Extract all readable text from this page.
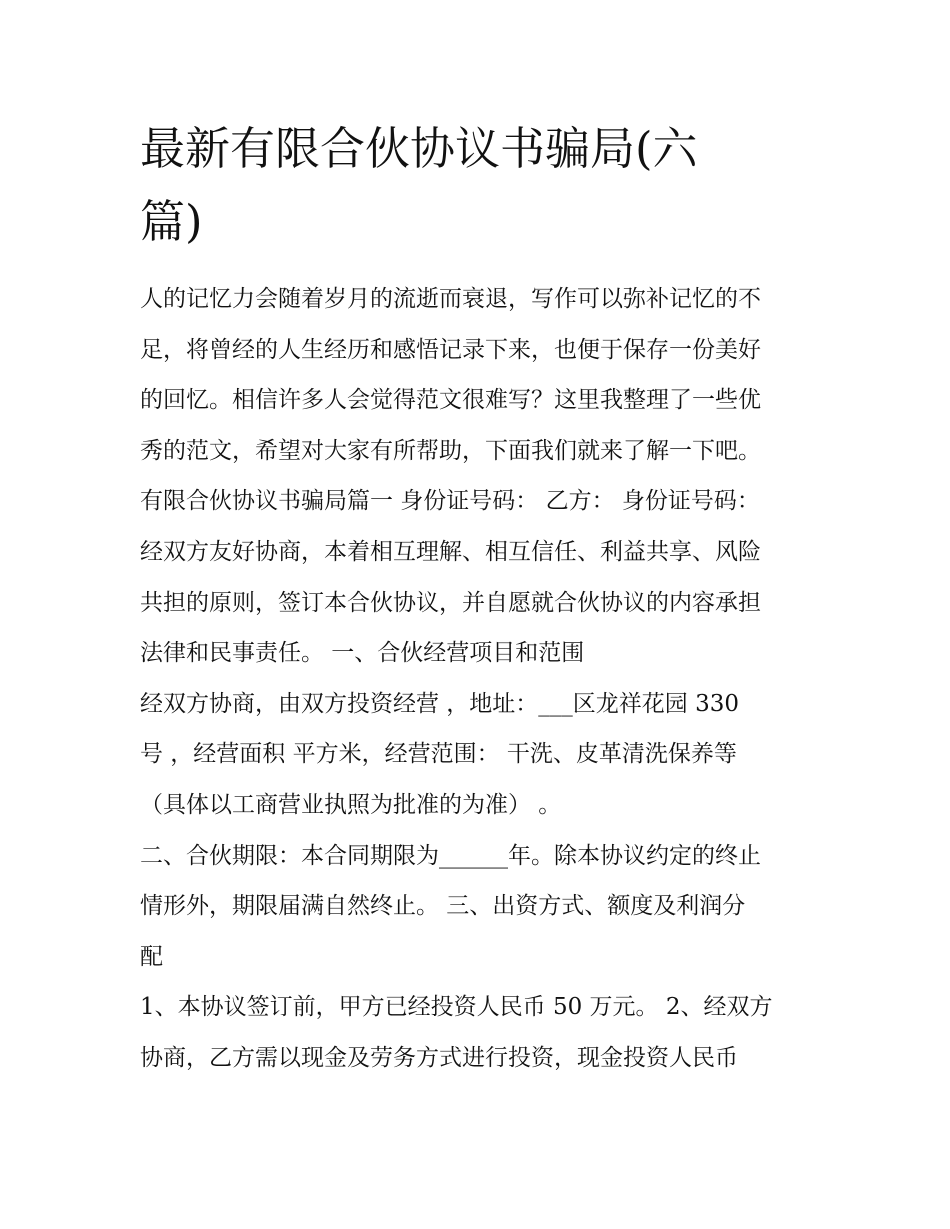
最新有限合伙协议书骗局(六
篇)
人的记忆力会随着岁月的流逝而衰退，写作可以弥补记忆的不
足，将曾经的人生经历和感悟记录下来，也便于保存一份美好
的回忆。相信许多人会觉得范文很难写？这里我整理了一些优
秀的范文，希望对大家有所帮助，下面我们就来了解一下吧。
有限合伙协议书骗局篇一 身份证号码： 乙方： 身份证号码：
经双方友好协商，本着相互理解、相互信任、利益共享、风险
共担的原则，签订本合伙协议，并自愿就合伙协议的内容承担
法律和民事责任。 一、合伙经营项目和范围
经双方协商，由双方投资经营 ，地址：___区龙祥花园 330
号 ，经营面积 平方米，经营范围： 干洗、皮革清洗保养等
（具体以工商营业执照为批准的为准） 。
二、合伙期限：本合同期限为______年。除本协议约定的终止
情形外，期限届满自然终止。 三、出资方式、额度及利润分
配
1、本协议签订前，甲方已经投资人民币 50 万元。 2、经双方
协商，乙方需以现金及劳务方式进行投资，现金投资人民币
